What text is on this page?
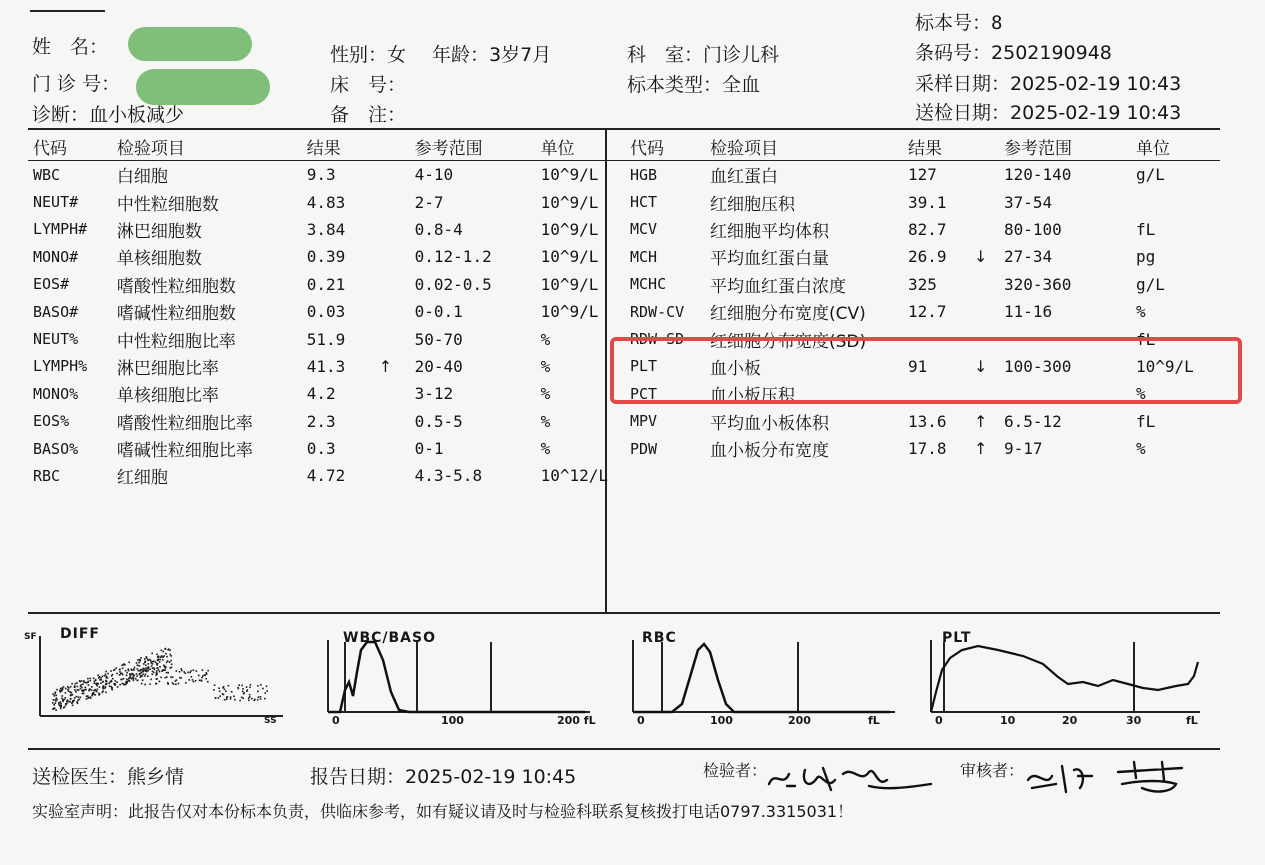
姓　名：
门 诊 号：
诊断：血小板减少
性别：女 年龄：3岁7月
床　号：
备　注：
科　室：门诊儿科
标本类型：全血
标本号：8
条码号：2502190948
采样日期：2025-02-19 10:43
送检日期：2025-02-19 10:43
代码	检验项目	结果		参考范围	单位
WBC	白细胞	9.3		4-10	10^9/L
NEUT#	中性粒细胞数	4.83		2-7	10^9/L
LYMPH#	淋巴细胞数	3.84		0.8-4	10^9/L
MONO#	单核细胞数	0.39		0.12-1.2	10^9/L
EOS#	嗜酸性粒细胞数	0.21		0.02-0.5	10^9/L
BASO#	嗜碱性粒细胞数	0.03		0-0.1	10^9/L
NEUT%	中性粒细胞比率	51.9		50-70	%
LYMPH%	淋巴细胞比率	41.3	↑	20-40	%
MONO%	单核细胞比率	4.2		3-12	%
EOS%	嗜酸性粒细胞比率	2.3		0.5-5	%
BASO%	嗜碱性粒细胞比率	0.3		0-1	%
RBC	红细胞	4.72		4.3-5.8	10^12/L
代码	检验项目	结果		参考范围	单位
HGB	血红蛋白	127		120-140	g/L
HCT	红细胞压积	39.1		37-54	
MCV	红细胞平均体积	82.7		80-100	fL
MCH	平均血红蛋白量	26.9	↓	27-34	pg
MCHC	平均血红蛋白浓度	325		320-360	g/L
RDW-CV	红细胞分布宽度(CV)	12.7		11-16	%
RDW-SD	红细胞分布宽度(SD)				fL
PLT	血小板	91	↓	100-300	10^9/L
PCT	血小板压积				%
MPV	平均血小板体积	13.6	↑	6.5-12	fL
PDW	血小板分布宽度	17.8	↑	9-17	%
DIFF
SF
SS
WBC/BASO
0	100	200 fL
RBC
0	100	200	fL
PLT
0	10	20	30	fL
送检医生：熊乡情	报告日期：2025-02-19 10:45	检验者：	审核者：
实验室声明：此报告仅对本份标本负责，供临床参考，如有疑议请及时与检验科联系复核拨打电话0797.3315031！
